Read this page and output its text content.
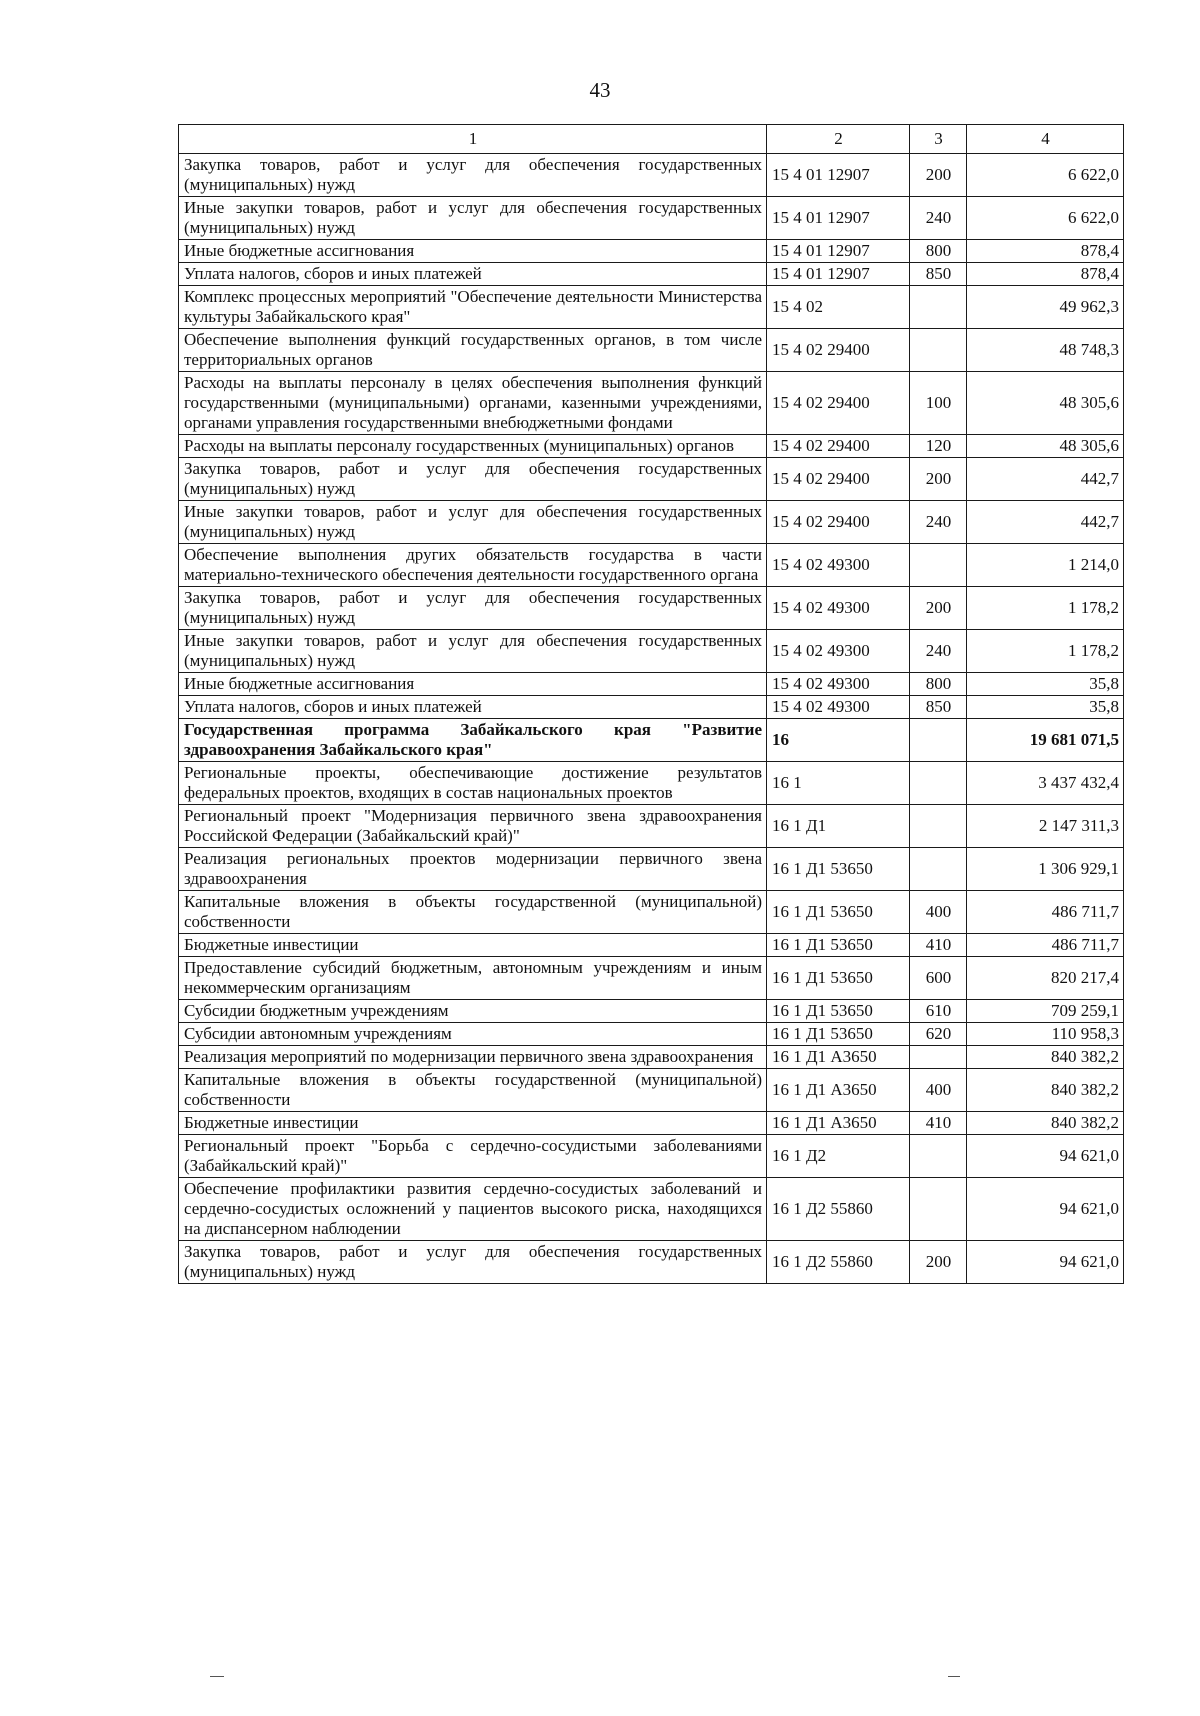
43
1	2	3	4
Закупка товаров, работ и услуг для обеспечения государственных (муниципальных) нужд	15 4 01 12907	200	6 622,0
Иные закупки товаров, работ и услуг для обеспечения государственных (муниципальных) нужд	15 4 01 12907	240	6 622,0
Иные бюджетные ассигнования	15 4 01 12907	800	878,4
Уплата налогов, сборов и иных платежей	15 4 01 12907	850	878,4
Комплекс процессных мероприятий "Обеспечение деятельности Министерства культуры Забайкальского края"	15 4 02		49 962,3
Обеспечение выполнения функций государственных органов, в том числе территориальных органов	15 4 02 29400		48 748,3
Расходы на выплаты персоналу в целях обеспечения выполнения функций государственными (муниципальными) органами, казенными учреждениями, органами управления государственными внебюджетными фондами	15 4 02 29400	100	48 305,6
Расходы на выплаты персоналу государственных (муниципальных) органов	15 4 02 29400	120	48 305,6
Закупка товаров, работ и услуг для обеспечения государственных (муниципальных) нужд	15 4 02 29400	200	442,7
Иные закупки товаров, работ и услуг для обеспечения государственных (муниципальных) нужд	15 4 02 29400	240	442,7
Обеспечение выполнения других обязательств государства в части материально-технического обеспечения деятельности государственного органа	15 4 02 49300		1 214,0
Закупка товаров, работ и услуг для обеспечения государственных (муниципальных) нужд	15 4 02 49300	200	1 178,2
Иные закупки товаров, работ и услуг для обеспечения государственных (муниципальных) нужд	15 4 02 49300	240	1 178,2
Иные бюджетные ассигнования	15 4 02 49300	800	35,8
Уплата налогов, сборов и иных платежей	15 4 02 49300	850	35,8
Государственная программа Забайкальского края "Развитие здравоохранения Забайкальского края"	16		19 681 071,5
Региональные проекты, обеспечивающие достижение результатов федеральных проектов, входящих в состав национальных проектов	16 1		3 437 432,4
Региональный проект "Модернизация первичного звена здравоохранения Российской Федерации (Забайкальский край)"	16 1 Д1		2 147 311,3
Реализация региональных проектов модернизации первичного звена здравоохранения	16 1 Д1 53650		1 306 929,1
Капитальные вложения в объекты государственной (муниципальной) собственности	16 1 Д1 53650	400	486 711,7
Бюджетные инвестиции	16 1 Д1 53650	410	486 711,7
Предоставление субсидий бюджетным, автономным учреждениям и иным некоммерческим организациям	16 1 Д1 53650	600	820 217,4
Субсидии бюджетным учреждениям	16 1 Д1 53650	610	709 259,1
Субсидии автономным учреждениям	16 1 Д1 53650	620	110 958,3
Реализация мероприятий по модернизации первичного звена здравоохранения	16 1 Д1 А3650		840 382,2
Капитальные вложения в объекты государственной (муниципальной) собственности	16 1 Д1 А3650	400	840 382,2
Бюджетные инвестиции	16 1 Д1 А3650	410	840 382,2
Региональный проект "Борьба с сердечно-сосудистыми заболеваниями (Забайкальский край)"	16 1 Д2		94 621,0
Обеспечение профилактики развития сердечно-сосудистых заболеваний и сердечно-сосудистых осложнений у пациентов высокого риска, находящихся на диспансерном наблюдении	16 1 Д2 55860		94 621,0
Закупка товаров, работ и услуг для обеспечения государственных (муниципальных) нужд	16 1 Д2 55860	200	94 621,0
